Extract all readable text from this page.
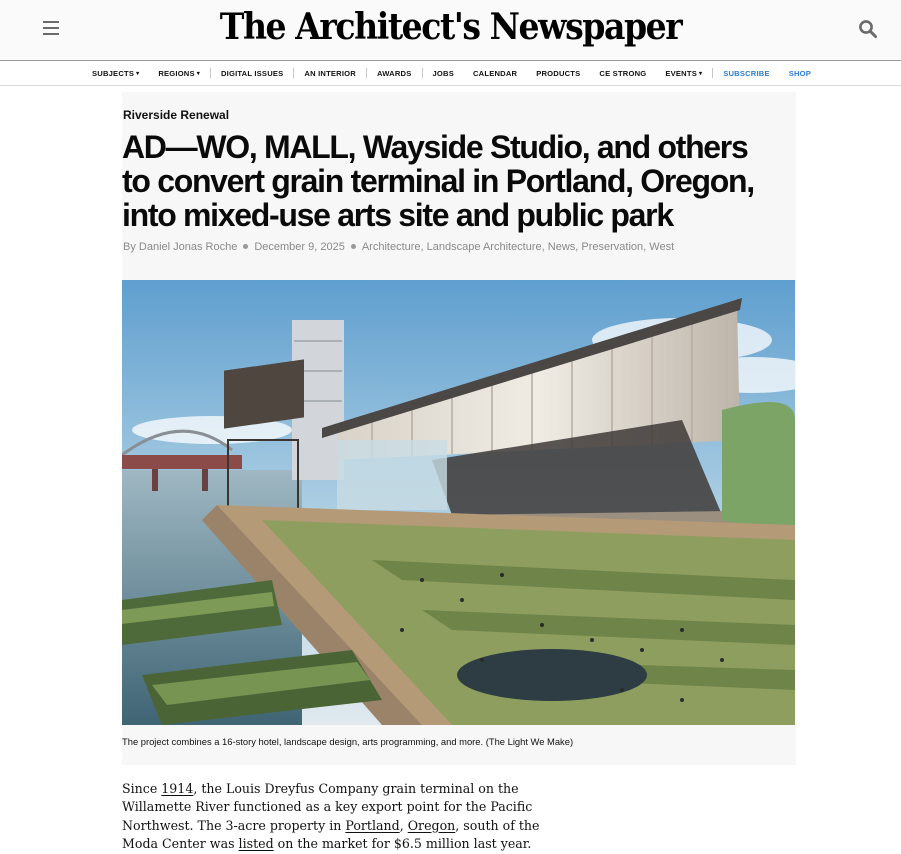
The Architect's Newspaper
SUBJECTS ▾	REGIONS ▾	DIGITAL ISSUES	AN INTERIOR	AWARDS	JOBS	CALENDAR	PRODUCTS	CE STRONG	EVENTS ▾	SUBSCRIBE	SHOP
Riverside Renewal
AD—WO, MALL, Wayside Studio, and others to convert grain terminal in Portland, Oregon, into mixed-use arts site and public park
By Daniel Jonas Roche December 9, 2025 Architecture, Landscape Architecture, News, Preservation, West
The project combines a 16-story hotel, landscape design, arts programming, and more. (The Light We Make)

Since 1914, the Louis Dreyfus Company grain terminal on the Willamette River functioned as a key export point for the Pacific Northwest. The 3-acre property in Portland, Oregon, south of the Moda Center was listed on the market for $6.5 million last year.
